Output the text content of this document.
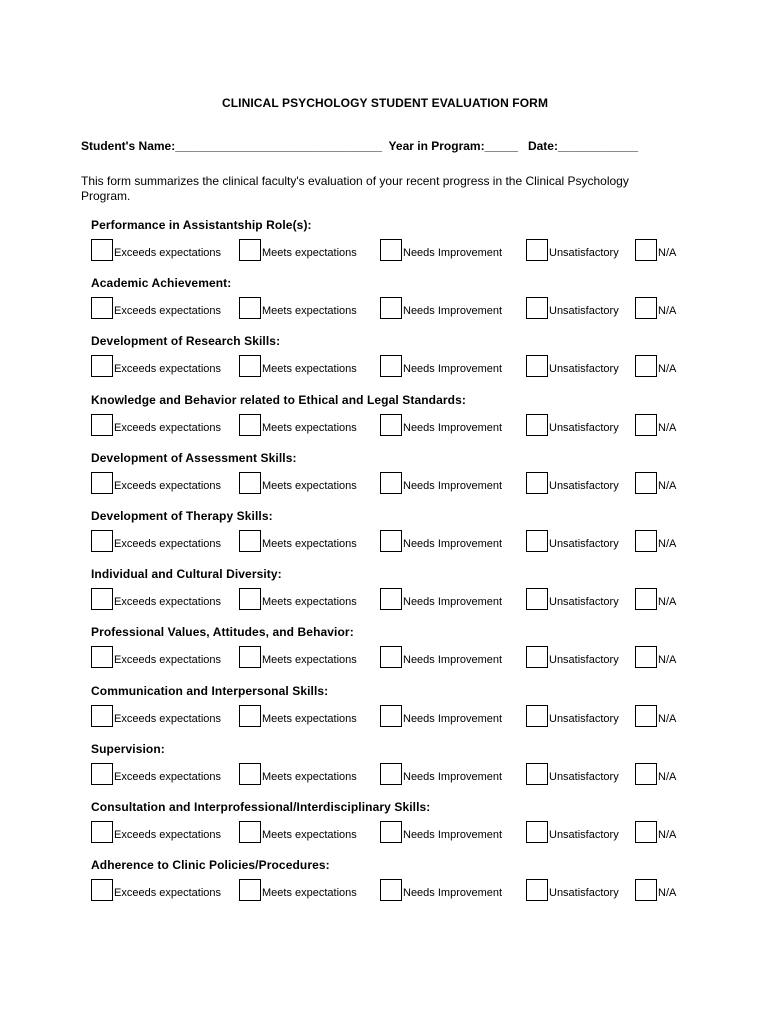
CLINICAL PSYCHOLOGY STUDENT EVALUATION FORM
Student's Name:_______________________________ Year in Program:_____ Date:____________
This form summarizes the clinical faculty's evaluation of your recent progress in the Clinical Psychology Program.
Performance in Assistantship Role(s):
Exceeds expectations	Meets expectations	Needs Improvement	Unsatisfactory	N/A
Academic Achievement:
Exceeds expectations	Meets expectations	Needs Improvement	Unsatisfactory	N/A
Development of Research Skills:
Exceeds expectations	Meets expectations	Needs Improvement	Unsatisfactory	N/A
Knowledge and Behavior related to Ethical and Legal Standards:
Exceeds expectations	Meets expectations	Needs Improvement	Unsatisfactory	N/A
Development of Assessment Skills:
Exceeds expectations	Meets expectations	Needs Improvement	Unsatisfactory	N/A
Development of Therapy Skills:
Exceeds expectations	Meets expectations	Needs Improvement	Unsatisfactory	N/A
Individual and Cultural Diversity:
Exceeds expectations	Meets expectations	Needs Improvement	Unsatisfactory	N/A
Professional Values, Attitudes, and Behavior:
Exceeds expectations	Meets expectations	Needs Improvement	Unsatisfactory	N/A
Communication and Interpersonal Skills:
Exceeds expectations	Meets expectations	Needs Improvement	Unsatisfactory	N/A
Supervision:
Exceeds expectations	Meets expectations	Needs Improvement	Unsatisfactory	N/A
Consultation and Interprofessional/Interdisciplinary Skills:
Exceeds expectations	Meets expectations	Needs Improvement	Unsatisfactory	N/A
Adherence to Clinic Policies/Procedures:
Exceeds expectations	Meets expectations	Needs Improvement	Unsatisfactory	N/A
